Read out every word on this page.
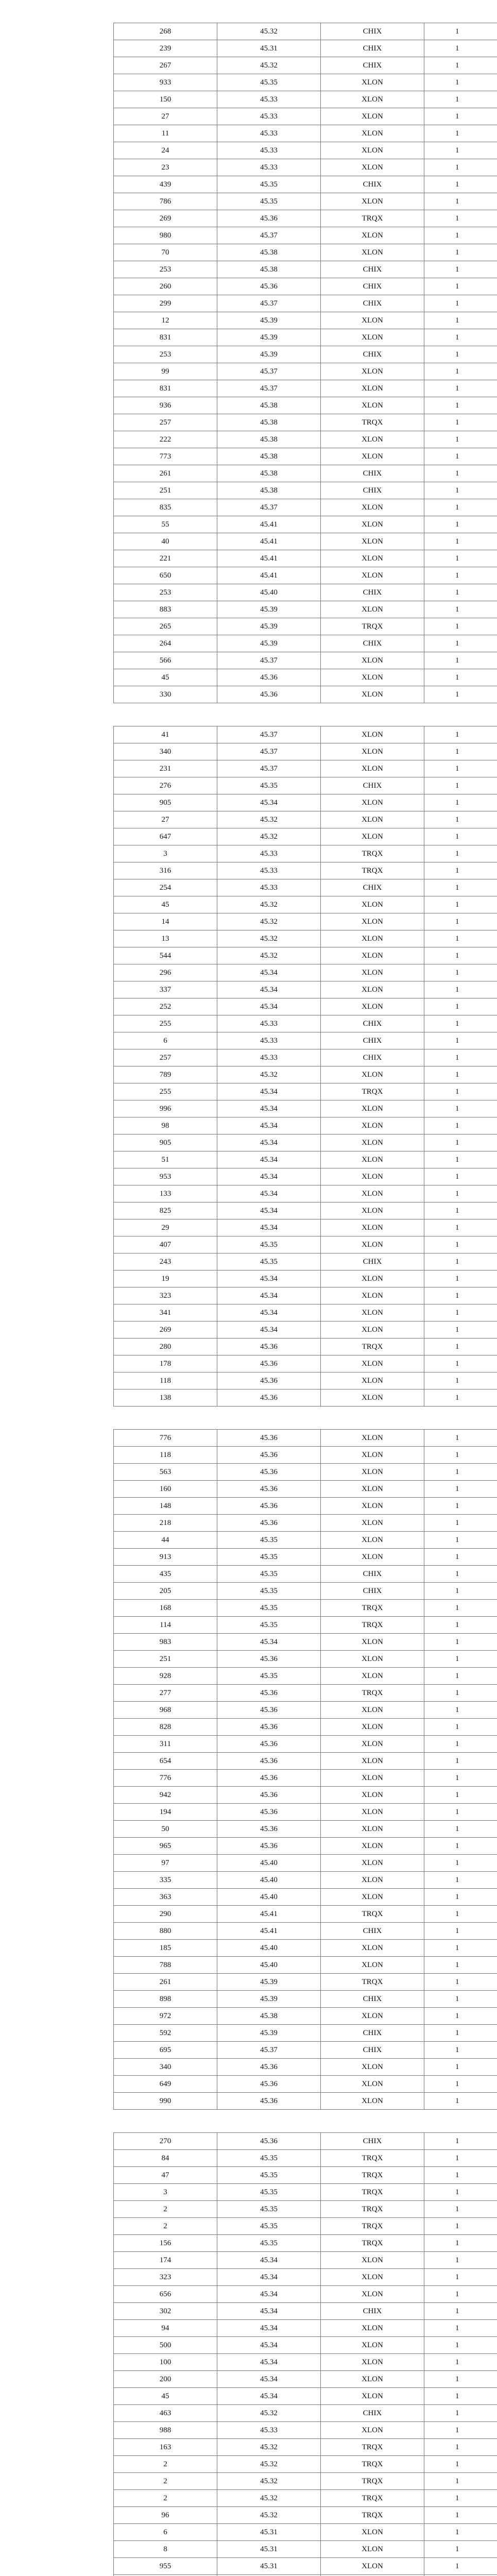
268	45.32	CHIX	1
239	45.31	CHIX	1
267	45.32	CHIX	1
933	45.35	XLON	1
150	45.33	XLON	1
27	45.33	XLON	1
11	45.33	XLON	1
24	45.33	XLON	1
23	45.33	XLON	1
439	45.35	CHIX	1
786	45.35	XLON	1
269	45.36	TRQX	1
980	45.37	XLON	1
70	45.38	XLON	1
253	45.38	CHIX	1
260	45.36	CHIX	1
299	45.37	CHIX	1
12	45.39	XLON	1
831	45.39	XLON	1
253	45.39	CHIX	1
99	45.37	XLON	1
831	45.37	XLON	1
936	45.38	XLON	1
257	45.38	TRQX	1
222	45.38	XLON	1
773	45.38	XLON	1
261	45.38	CHIX	1
251	45.38	CHIX	1
835	45.37	XLON	1
55	45.41	XLON	1
40	45.41	XLON	1
221	45.41	XLON	1
650	45.41	XLON	1
253	45.40	CHIX	1
883	45.39	XLON	1
265	45.39	TRQX	1
264	45.39	CHIX	1
566	45.37	XLON	1
45	45.36	XLON	1
330	45.36	XLON	1
41	45.37	XLON	1
340	45.37	XLON	1
231	45.37	XLON	1
276	45.35	CHIX	1
905	45.34	XLON	1
27	45.32	XLON	1
647	45.32	XLON	1
3	45.33	TRQX	1
316	45.33	TRQX	1
254	45.33	CHIX	1
45	45.32	XLON	1
14	45.32	XLON	1
13	45.32	XLON	1
544	45.32	XLON	1
296	45.34	XLON	1
337	45.34	XLON	1
252	45.34	XLON	1
255	45.33	CHIX	1
6	45.33	CHIX	1
257	45.33	CHIX	1
789	45.32	XLON	1
255	45.34	TRQX	1
996	45.34	XLON	1
98	45.34	XLON	1
905	45.34	XLON	1
51	45.34	XLON	1
953	45.34	XLON	1
133	45.34	XLON	1
825	45.34	XLON	1
29	45.34	XLON	1
407	45.35	XLON	1
243	45.35	CHIX	1
19	45.34	XLON	1
323	45.34	XLON	1
341	45.34	XLON	1
269	45.34	XLON	1
280	45.36	TRQX	1
178	45.36	XLON	1
118	45.36	XLON	1
138	45.36	XLON	1
776	45.36	XLON	1
118	45.36	XLON	1
563	45.36	XLON	1
160	45.36	XLON	1
148	45.36	XLON	1
218	45.36	XLON	1
44	45.35	XLON	1
913	45.35	XLON	1
435	45.35	CHIX	1
205	45.35	CHIX	1
168	45.35	TRQX	1
114	45.35	TRQX	1
983	45.34	XLON	1
251	45.36	XLON	1
928	45.35	XLON	1
277	45.36	TRQX	1
968	45.36	XLON	1
828	45.36	XLON	1
311	45.36	XLON	1
654	45.36	XLON	1
776	45.36	XLON	1
942	45.36	XLON	1
194	45.36	XLON	1
50	45.36	XLON	1
965	45.36	XLON	1
97	45.40	XLON	1
335	45.40	XLON	1
363	45.40	XLON	1
290	45.41	TRQX	1
880	45.41	CHIX	1
185	45.40	XLON	1
788	45.40	XLON	1
261	45.39	TRQX	1
898	45.39	CHIX	1
972	45.38	XLON	1
592	45.39	CHIX	1
695	45.37	CHIX	1
340	45.36	XLON	1
649	45.36	XLON	1
990	45.36	XLON	1
270	45.36	CHIX	1
84	45.35	TRQX	1
47	45.35	TRQX	1
3	45.35	TRQX	1
2	45.35	TRQX	1
2	45.35	TRQX	1
156	45.35	TRQX	1
174	45.34	XLON	1
323	45.34	XLON	1
656	45.34	XLON	1
302	45.34	CHIX	1
94	45.34	XLON	1
500	45.34	XLON	1
100	45.34	XLON	1
200	45.34	XLON	1
45	45.34	XLON	1
463	45.32	CHIX	1
988	45.33	XLON	1
163	45.32	TRQX	1
2	45.32	TRQX	1
2	45.32	TRQX	1
2	45.32	TRQX	1
96	45.32	TRQX	1
6	45.31	XLON	1
8	45.31	XLON	1
955	45.31	XLON	1
